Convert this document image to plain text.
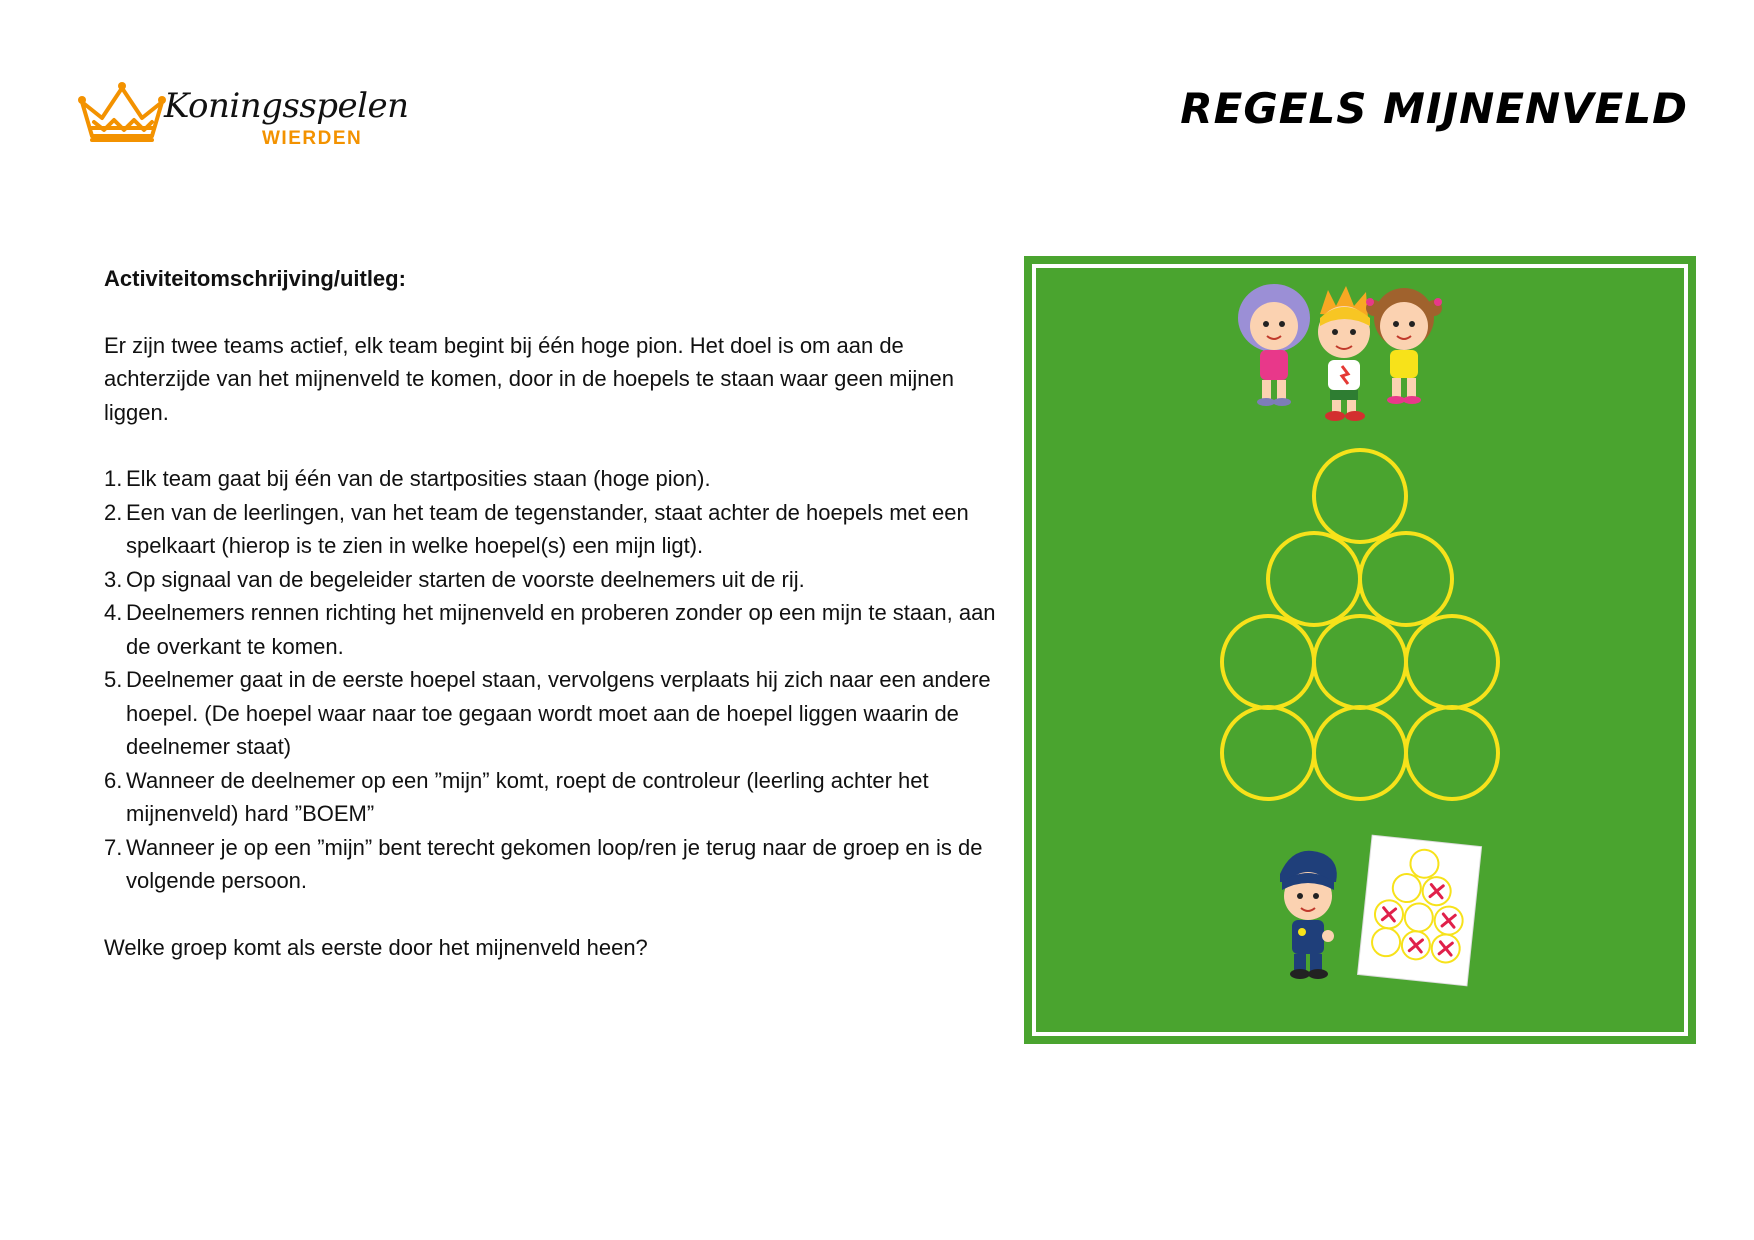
Koningsspelen
WIERDEN
REGELS MIJNENVELD

Activiteitomschrijving/uitleg:

Er zijn twee teams actief, elk team begint bij één hoge pion. Het doel is om aan de achterzijde van het mijnenveld te komen, door in de hoepels te staan waar geen mijnen liggen.

1. Elk team gaat bij één van de startposities staan (hoge pion).
2. Een van de leerlingen, van het team de tegenstander, staat achter de hoepels met een spelkaart (hierop is te zien in welke hoepel(s) een mijn ligt).
3. Op signaal van de begeleider starten de voorste deelnemers uit de rij.
4. Deelnemers rennen richting het mijnenveld en proberen zonder op een mijn te staan, aan de overkant te komen.
5. Deelnemer gaat in de eerste hoepel staan, vervolgens verplaats hij zich naar een andere hoepel. (De hoepel waar naar toe gegaan wordt moet aan de hoepel liggen waarin de deelnemer staat)
6. Wanneer de deelnemer op een ”mijn” komt, roept de controleur (leerling achter het mijnenveld) hard ”BOEM”
7. Wanneer je op een ”mijn” bent terecht gekomen loop/ren je terug naar de groep en is de volgende persoon.

Welke groep komt als eerste door het mijnenveld heen?
